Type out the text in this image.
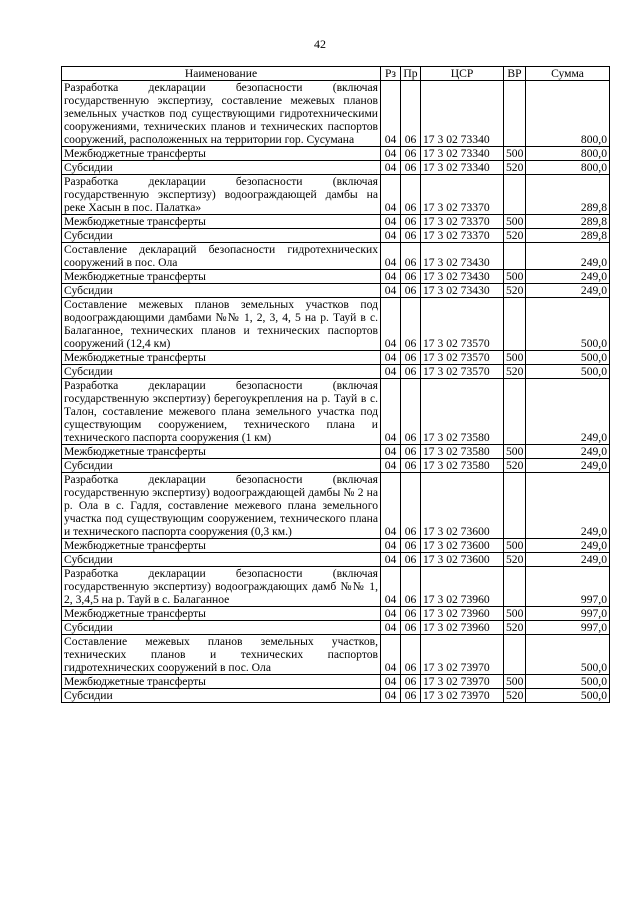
42
Наименование	Рз	Пр	ЦСР	ВР	Сумма
Разработка декларации безопасности (включая государственную экспертизу, составление межевых планов земельных участков под существующими гидротехническими сооружениями, технических планов и технических паспортов сооружений, расположенных на территории гор. Сусумана	04	06	17 3 02 73340		800,0
Межбюджетные трансферты	04	06	17 3 02 73340	500	800,0
Субсидии	04	06	17 3 02 73340	520	800,0
Разработка декларации безопасности (включая государственную экспертизу) водоограждающей дамбы на реке Хасын в пос. Палатка»	04	06	17 3 02 73370		289,8
Межбюджетные трансферты	04	06	17 3 02 73370	500	289,8
Субсидии	04	06	17 3 02 73370	520	289,8
Составление деклараций безопасности гидротехнических сооружений в пос. Ола	04	06	17 3 02 73430		249,0
Межбюджетные трансферты	04	06	17 3 02 73430	500	249,0
Субсидии	04	06	17 3 02 73430	520	249,0
Составление межевых планов земельных участков под водоограждающими дамбами №№ 1, 2, 3, 4, 5 на р. Тауй в с. Балаганное, технических планов и технических паспортов сооружений (12,4 км)	04	06	17 3 02 73570		500,0
Межбюджетные трансферты	04	06	17 3 02 73570	500	500,0
Субсидии	04	06	17 3 02 73570	520	500,0
Разработка декларации безопасности (включая государственную экспертизу) берегоукрепления на р. Тауй в с. Талон, составление межевого плана земельного участка под существующим сооружением, технического плана и технического паспорта сооружения (1 км)	04	06	17 3 02 73580		249,0
Межбюджетные трансферты	04	06	17 3 02 73580	500	249,0
Субсидии	04	06	17 3 02 73580	520	249,0
Разработка декларации безопасности (включая государственную экспертизу) водоограждающей дамбы № 2 на р. Ола в с. Гадля, составление межевого плана земельного участка под существующим сооружением, технического плана и технического паспорта сооружения (0,3 км.)	04	06	17 3 02 73600		249,0
Межбюджетные трансферты	04	06	17 3 02 73600	500	249,0
Субсидии	04	06	17 3 02 73600	520	249,0
Разработка декларации безопасности (включая государственную экспертизу) водоограждающих дамб №№ 1, 2, 3,4,5 на р. Тауй в с. Балаганное	04	06	17 3 02 73960		997,0
Межбюджетные трансферты	04	06	17 3 02 73960	500	997,0
Субсидии	04	06	17 3 02 73960	520	997,0
Составление межевых планов земельных участков, технических планов и технических паспортов гидротехнических сооружений в пос. Ола	04	06	17 3 02 73970		500,0
Межбюджетные трансферты	04	06	17 3 02 73970	500	500,0
Субсидии	04	06	17 3 02 73970	520	500,0
